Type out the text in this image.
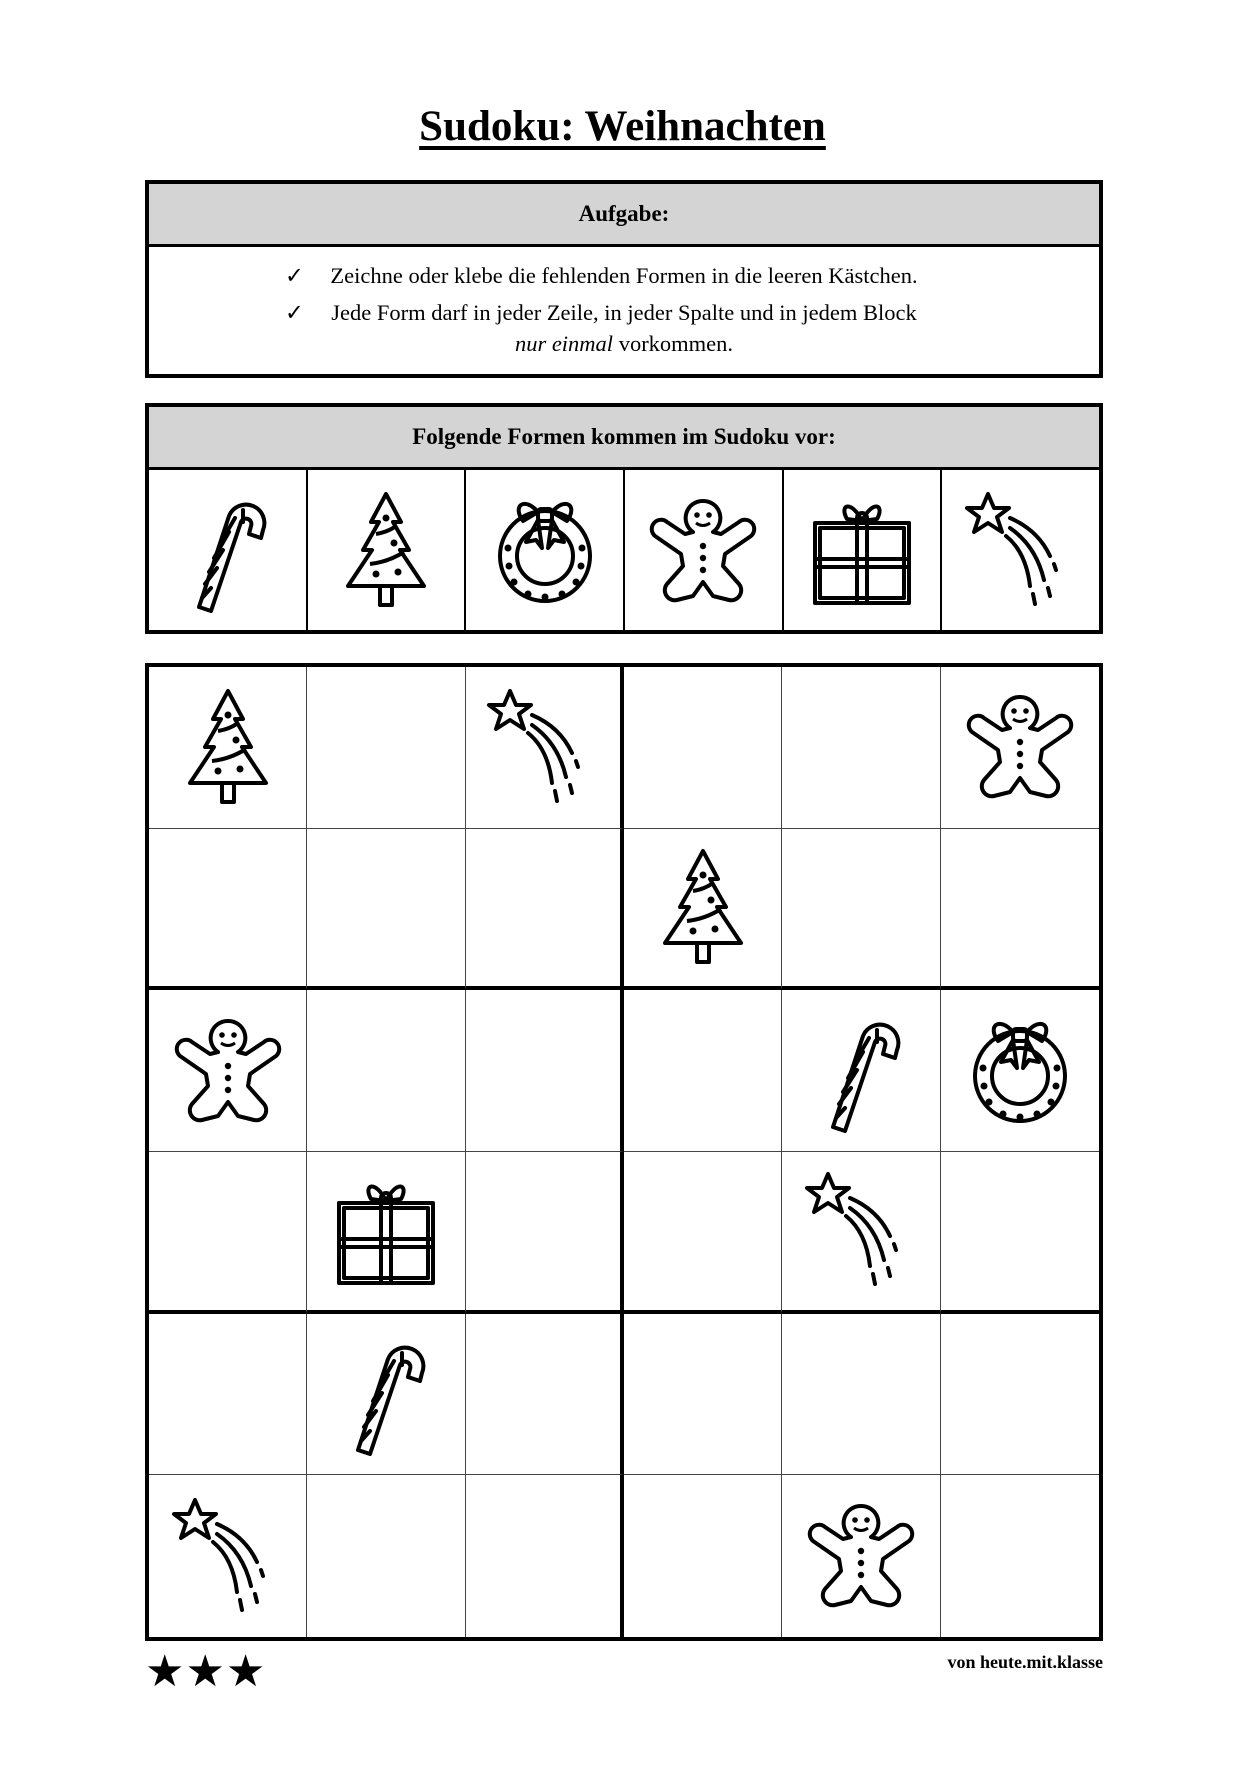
Sudoku: Weihnachten
Aufgabe:
✓ Zeichne oder klebe die fehlenden Formen in die leeren Kästchen.
✓ Jede Form darf in jeder Zeile, in jeder Spalte und in jedem Block
nur einmal vorkommen.
Folgende Formen kommen im Sudoku vor:
★★★	von heute.mit.klasse
